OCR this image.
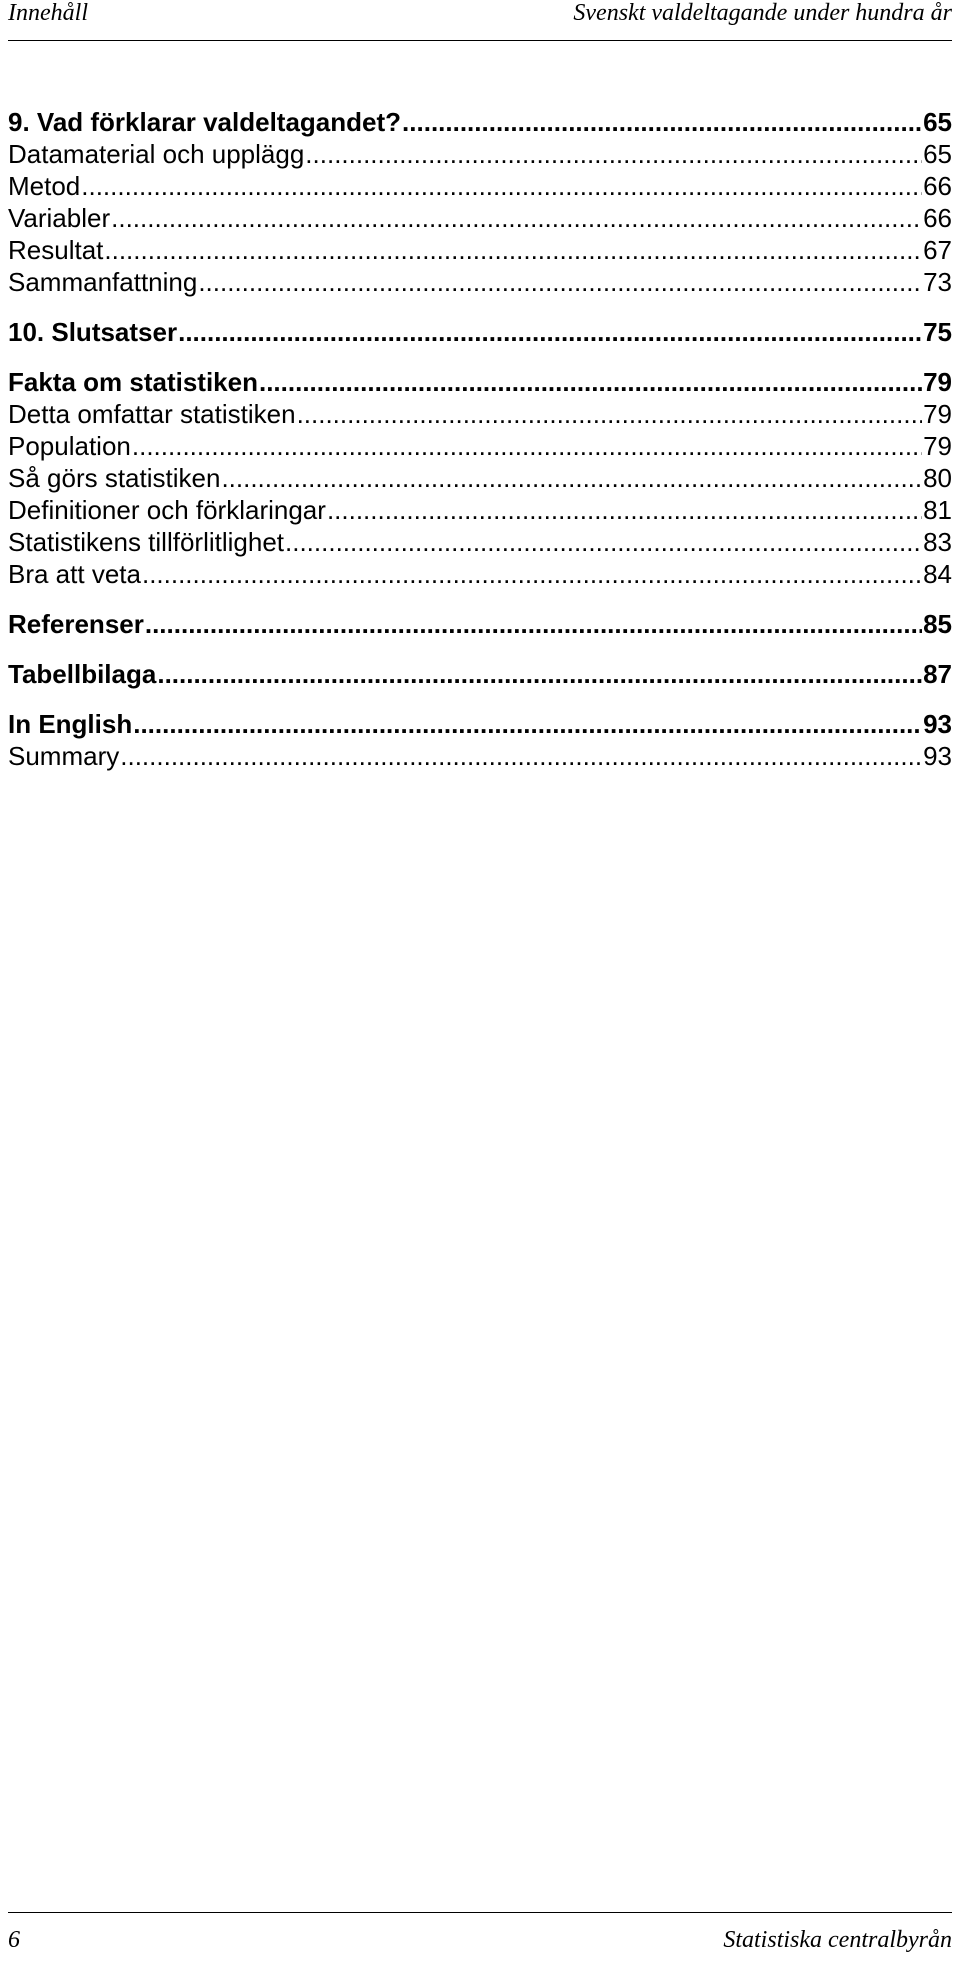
Innehåll	Svenskt valdeltagande under hundra år
9. Vad förklarar valdeltagandet? .....	65
Datamaterial och upplägg .....	65
Metod .....	66
Variabler .....	66
Resultat .....	67
Sammanfattning .....	73
10. Slutsatser .....	75
Fakta om statistiken .....	79
Detta omfattar statistiken .....	79
Population .....	79
Så görs statistiken .....	80
Definitioner och förklaringar .....	81
Statistikens tillförlitlighet .....	83
Bra att veta .....	84
Referenser .....	85
Tabellbilaga .....	87
In English .....	93
Summary .....	93
6	Statistiska centralbyrån
